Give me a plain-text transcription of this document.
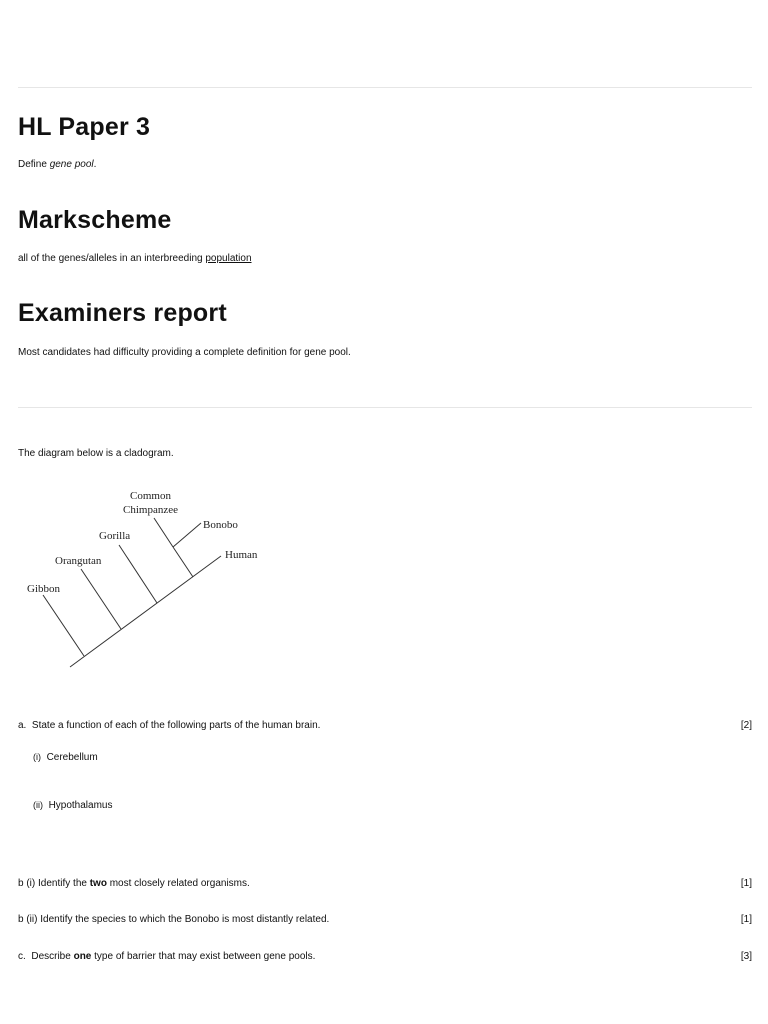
HL Paper 3

Define gene pool.

Markscheme

all of the genes/alleles in an interbreeding population

Examiners report

Most candidates had difficulty providing a complete definition for gene pool.

The diagram below is a cladogram.

Common
Chimpanzee
Bonobo
Gorilla
Orangutan	Human
Gibbon

a. State a function of each of the following parts of the human brain.	[2]

(i) Cerebellum

(ii) Hypothalamus

b (i) Identify the two most closely related organisms.	[1]

b (ii) Identify the species to which the Bonobo is most distantly related.	[1]

c. Describe one type of barrier that may exist between gene pools.	[3]
